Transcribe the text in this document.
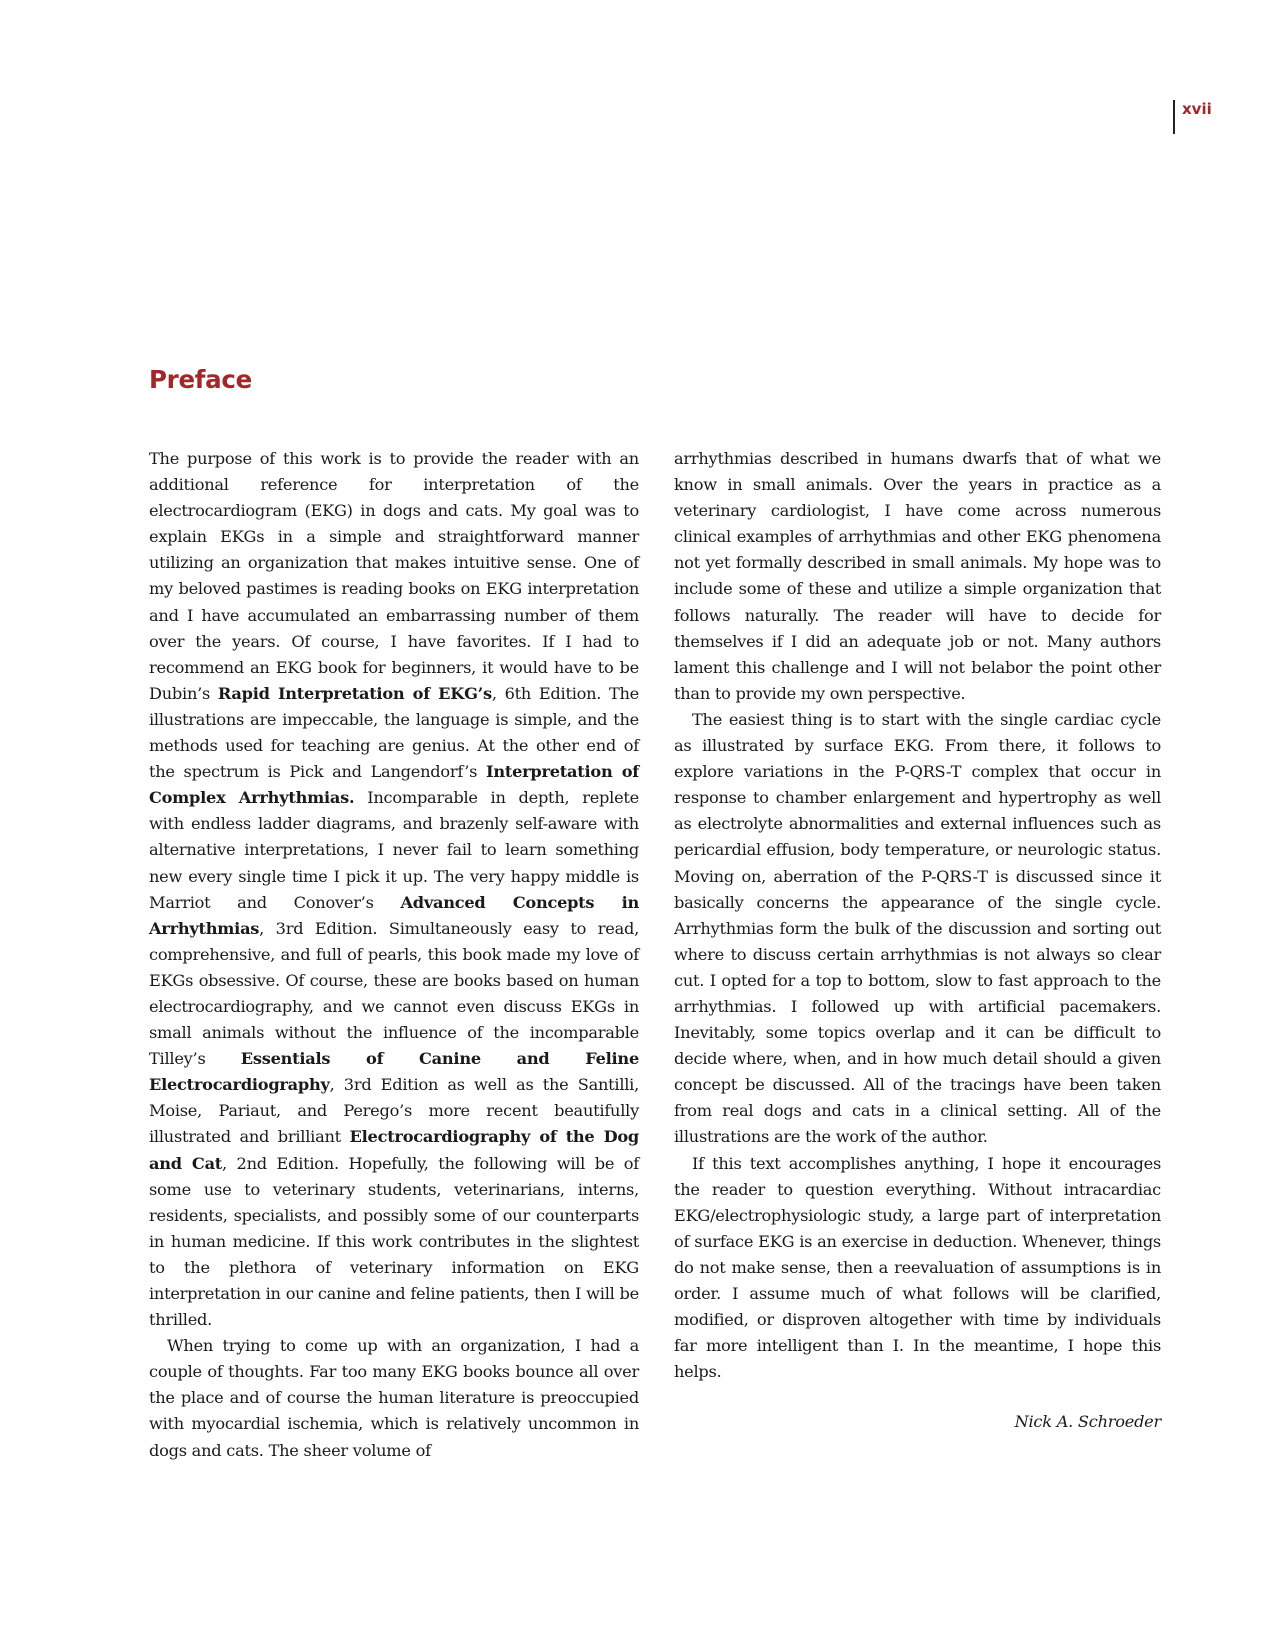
xvii
Preface

The purpose of this work is to provide the reader with an additional reference for interpretation of the electrocardiogram (EKG) in dogs and cats. My goal was to explain EKGs in a simple and straightforward manner utilizing an organization that makes intuitive sense. One of my beloved pastimes is reading books on EKG interpretation and I have accumulated an embarrassing number of them over the years. Of course, I have favorites. If I had to recommend an EKG book for beginners, it would have to be Dubin’s Rapid Interpretation of EKG’s, 6th Edition. The illustrations are impeccable, the language is simple, and the methods used for teaching are genius. At the other end of the spectrum is Pick and Langendorf’s Interpretation of Complex Arrhythmias. Incomparable in depth, replete with endless ladder diagrams, and brazenly self-aware with alternative interpretations, I never fail to learn something new every single time I pick it up. The very happy middle is Marriot and Conover’s Advanced Concepts in Arrhythmias, 3rd Edition. Simultaneously easy to read, comprehensive, and full of pearls, this book made my love of EKGs obsessive. Of course, these are books based on human electrocardiography, and we cannot even discuss EKGs in small animals without the influence of the incomparable Tilley’s Essentials of Canine and Feline Electrocardiography, 3rd Edition as well as the Santilli, Moise, Pariaut, and Perego’s more recent beautifully illustrated and brilliant Electrocardiography of the Dog and Cat, 2nd Edition. Hopefully, the following will be of some use to veterinary students, veterinarians, interns, residents, specialists, and possibly some of our counterparts in human medicine. If this work contributes in the slightest to the plethora of veterinary information on EKG interpretation in our canine and feline patients, then I will be thrilled.

When trying to come up with an organization, I had a couple of thoughts. Far too many EKG books bounce all over the place and of course the human literature is preoccupied with myocardial ischemia, which is relatively uncommon in dogs and cats. The sheer volume of

arrhythmias described in humans dwarfs that of what we know in small animals. Over the years in practice as a veterinary cardiologist, I have come across numerous clinical examples of arrhythmias and other EKG phenomena not yet formally described in small animals. My hope was to include some of these and utilize a simple organization that follows naturally. The reader will have to decide for themselves if I did an adequate job or not. Many authors lament this challenge and I will not belabor the point other than to provide my own perspective.

The easiest thing is to start with the single cardiac cycle as illustrated by surface EKG. From there, it follows to explore variations in the P-QRS-T complex that occur in response to chamber enlargement and hypertrophy as well as electrolyte abnormalities and external influences such as pericardial effusion, body temperature, or neurologic status. Moving on, aberration of the P-QRS-T is discussed since it basically concerns the appearance of the single cycle. Arrhythmias form the bulk of the discussion and sorting out where to discuss certain arrhythmias is not always so clear cut. I opted for a top to bottom, slow to fast approach to the arrhythmias. I followed up with artificial pacemakers. Inevitably, some topics overlap and it can be difficult to decide where, when, and in how much detail should a given concept be discussed. All of the tracings have been taken from real dogs and cats in a clinical setting. All of the illustrations are the work of the author.

If this text accomplishes anything, I hope it encourages the reader to question everything. Without intracardiac EKG/electrophysiologic study, a large part of interpretation of surface EKG is an exercise in deduction. Whenever, things do not make sense, then a reevaluation of assumptions is in order. I assume much of what follows will be clarified, modified, or disproven altogether with time by individuals far more intelligent than I. In the meantime, I hope this helps.

Nick A. Schroeder
